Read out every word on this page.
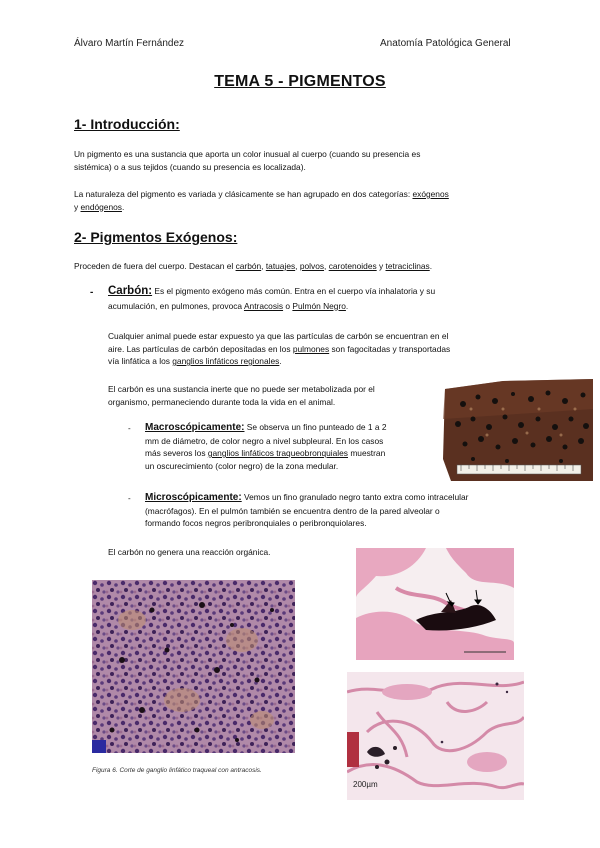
Álvaro Martín Fernández	Anatomía Patológica General
TEMA 5 - PIGMENTOS
1- Introducción:
Un pigmento es una sustancia que aporta un color inusual al cuerpo (cuando su presencia es
sistémica) o a sus tejidos (cuando su presencia es localizada).
La naturaleza del pigmento es variada y clásicamente se han agrupado en dos categorías: exógenos
y endógenos.
2- Pigmentos Exógenos:
Proceden de fuera del cuerpo. Destacan el carbón, tatuajes, polvos, carotenoides y tetraciclinas.
- Carbón: Es el pigmento exógeno más común. Entra en el cuerpo vía inhalatoria y su
acumulación, en pulmones, provoca Antracosis o Pulmón Negro.
Cualquier animal puede estar expuesto ya que las partículas de carbón se encuentran en el
aire. Las partículas de carbón depositadas en los pulmones son fagocitadas y transportadas
vía linfática a los ganglios linfáticos regionales.
El carbón es una sustancia inerte que no puede ser metabolizada por el
organismo, permaneciendo durante toda la vida en el animal.
- Macroscópicamente: Se observa un fino punteado de 1 a 2
mm de diámetro, de color negro a nivel subpleural. En los casos
más severos los ganglios linfáticos traqueobronquiales muestran
un oscurecimiento (color negro) de la zona medular.
- Microscópicamente: Vemos un fino granulado negro tanto extra como intracelular
(macrófagos). En el pulmón también se encuentra dentro de la pared alveolar o
formando focos negros peribronquiales o peribronquiolares.
El carbón no genera una reacción orgánica.
Figura 6. Corte de ganglio linfático traqueal con antracosis.
200µm
